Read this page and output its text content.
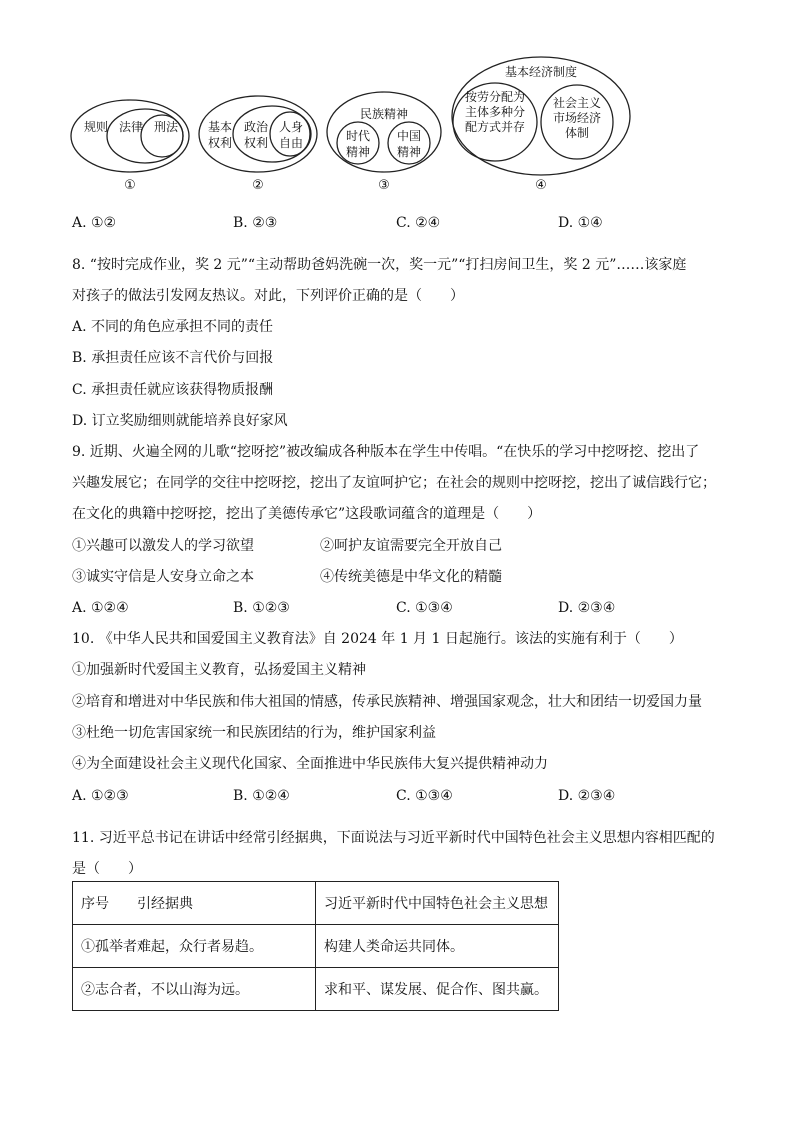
规则 法律 刑法 基本权利
政治权利
人身自由
民族精神
时代精神
中国精神
基本经济制度
按劳分配为主体多种分配方式并存
社会主义市场经济体制
①	②	③	④
A. ①②	B. ②③	C. ②④	D. ①④
8. “按时完成作业，奖 2 元”“主动帮助爸妈洗碗一次，奖一元”“打扫房间卫生，奖 2 元”……该家庭
对孩子的做法引发网友热议。对此，下列评价正确的是（　　）
A. 不同的角色应承担不同的责任
B. 承担责任应该不言代价与回报
C. 承担责任就应该获得物质报酬
D. 订立奖励细则就能培养良好家风
9. 近期、火遍全网的儿歌“挖呀挖”被改编成各种版本在学生中传唱。“在快乐的学习中挖呀挖、挖出了
兴趣发展它；在同学的交往中挖呀挖，挖出了友谊呵护它；在社会的规则中挖呀挖，挖出了诚信践行它；
在文化的典籍中挖呀挖，挖出了美德传承它”这段歌词蕴含的道理是（　　）
①兴趣可以激发人的学习欲望	②呵护友谊需要完全开放自己
③诚实守信是人安身立命之本	④传统美德是中华文化的精髓
A. ①②④	B. ①②③	C. ①③④	D. ②③④
10. 《中华人民共和国爱国主义教育法》自 2024 年 1 月 1 日起施行。该法的实施有利于（　　）
①加强新时代爱国主义教育，弘扬爱国主义精神
②培育和增进对中华民族和伟大祖国的情感，传承民族精神、增强国家观念，壮大和团结一切爱国力量
③杜绝一切危害国家统一和民族团结的行为，维护国家利益
④为全面建设社会主义现代化国家、全面推进中华民族伟大复兴提供精神动力
A. ①②③	B. ①②④	C. ①③④	D. ②③④
11. 习近平总书记在讲话中经常引经据典，下面说法与习近平新时代中国特色社会主义思想内容相匹配的
是（　　）
序号　　引经据典	习近平新时代中国特色社会主义思想
①孤举者难起，众行者易趋。	构建人类命运共同体。
②志合者，不以山海为远。	求和平、谋发展、促合作、图共赢。
